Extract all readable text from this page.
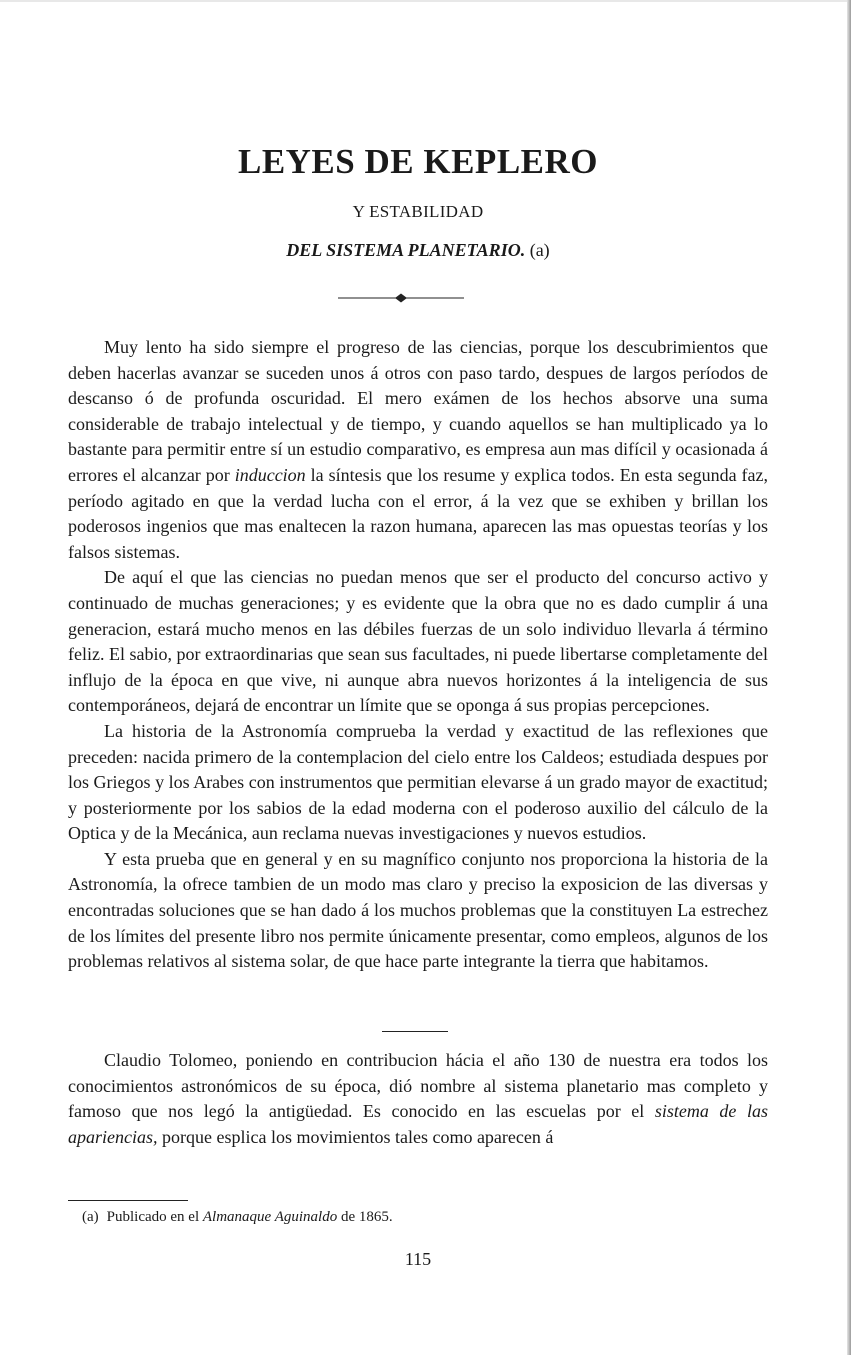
LEYES DE KEPLERO
Y ESTABILIDAD
DEL SISTEMA PLANETARIO. (a)

Muy lento ha sido siempre el progreso de las ciencias, porque los descubrimientos que deben hacerlas avanzar se suceden unos á otros con paso tardo, despues de largos períodos de descanso ó de profunda oscuridad. El mero exámen de los hechos absorve una suma considerable de trabajo intelectual y de tiempo, y cuando aquellos se han multiplicado ya lo bastante para permitir entre sí un estudio comparativo, es empresa aun mas difícil y ocasionada á errores el alcanzar por induccion la síntesis que los resume y explica todos. En esta segunda faz, período agitado en que la verdad lucha con el error, á la vez que se exhiben y brillan los poderosos ingenios que mas enaltecen la razon humana, aparecen las mas opuestas teorías y los falsos sistemas.

De aquí el que las ciencias no puedan menos que ser el producto del concurso activo y continuado de muchas generaciones; y es evidente que la obra que no es dado cumplir á una generacion, estará mucho menos en las débiles fuerzas de un solo individuo llevarla á término feliz. El sabio, por extraordinarias que sean sus facultades, ni puede libertarse completamente del influjo de la época en que vive, ni aunque abra nuevos horizontes á la inteligencia de sus contemporáneos, dejará de encontrar un límite que se oponga á sus propias percepciones.

La historia de la Astronomía comprueba la verdad y exactitud de las reflexiones que preceden: nacida primero de la contemplacion del cielo entre los Caldeos; estudiada despues por los Griegos y los Arabes con instrumentos que permitian elevarse á un grado mayor de exactitud; y posteriormente por los sabios de la edad moderna con el poderoso auxilio del cálculo de la Optica y de la Mecánica, aun reclama nuevas investigaciones y nuevos estudios.

Y esta prueba que en general y en su magnífico conjunto nos proporciona la historia de la Astronomía, la ofrece tambien de un modo mas claro y preciso la exposicion de las diversas y encontradas soluciones que se han dado á los muchos problemas que la constituyen La estrechez de los límites del presente libro nos permite únicamente presentar, como empleos, algunos de los problemas relativos al sistema solar, de que hace parte integrante la tierra que habitamos.

Claudio Tolomeo, poniendo en contribucion hácia el año 130 de nuestra era todos los conocimientos astronómicos de su época, dió nombre al sistema planetario mas completo y famoso que nos legó la antigüedad. Es conocido en las escuelas por el sistema de las apariencias, porque esplica los movimientos tales como aparecen á

(a) Publicado en el Almanaque Aguinaldo de 1865.
115
